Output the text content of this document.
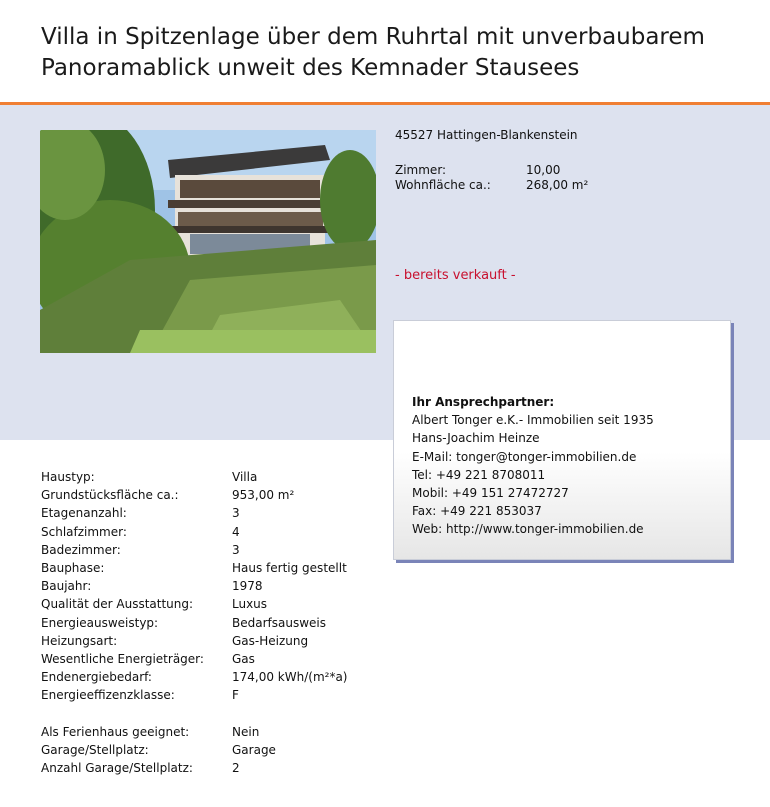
Villa in Spitzenlage über dem Ruhrtal mit unverbaubarem
Panoramablick unweit des Kemnader Stausees
45527 Hattingen-Blankenstein
Zimmer:	10,00
Wohnfläche ca.:	268,00 m²
- bereits verkauft -
Ihr Ansprechpartner:
Albert Tonger e.K.- Immobilien seit 1935
Hans-Joachim Heinze
E-Mail: tonger@tonger-immobilien.de
Tel: +49 221 8708011
Mobil: +49 151 27472727
Fax: +49 221 853037
Web: http://www.tonger-immobilien.de
Haustyp:	Villa
Grundstücksfläche ca.:	953,00 m²
Etagenanzahl:	3
Schlafzimmer:	4
Badezimmer:	3
Bauphase:	Haus fertig gestellt
Baujahr:	1978
Qualität der Ausstattung:	Luxus
Energieausweistyp:	Bedarfsausweis
Heizungsart:	Gas-Heizung
Wesentliche Energieträger:	Gas
Endenergiebedarf:	174,00 kWh/(m²*a)
Energieeffizenzklasse:	F
Als Ferienhaus geeignet:	Nein
Garage/Stellplatz:	Garage
Anzahl Garage/Stellplatz:	2
